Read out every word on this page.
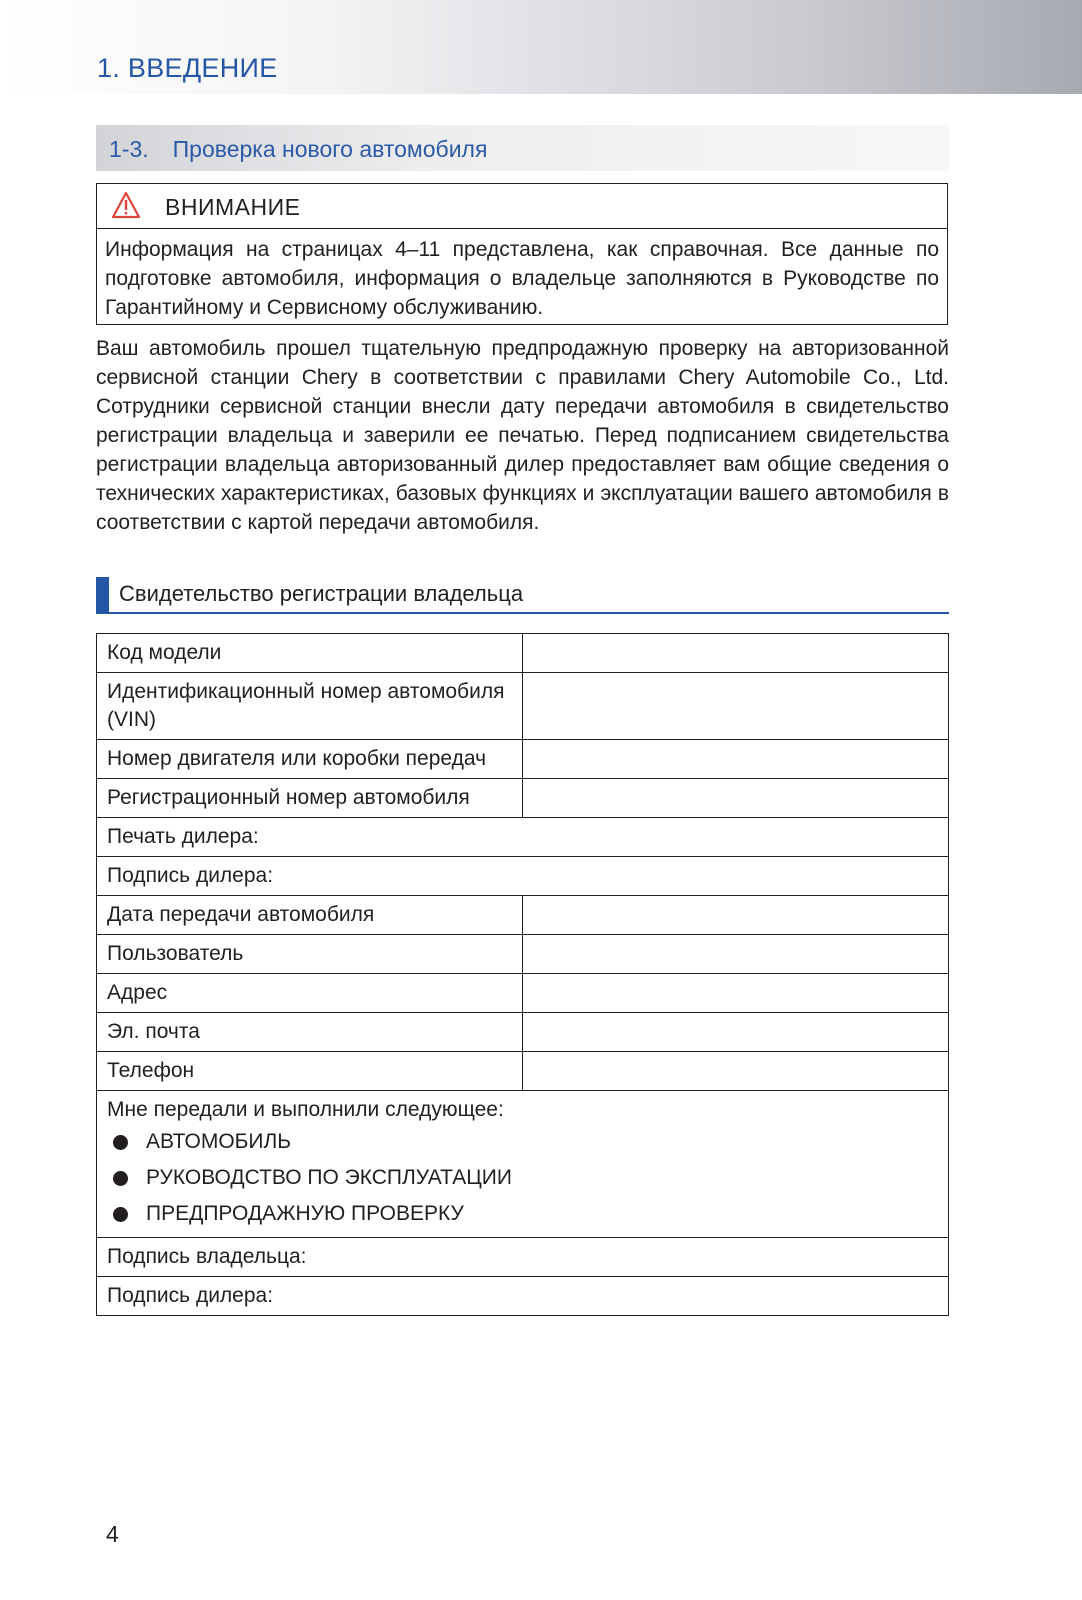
1. ВВЕДЕНИЕ
1-3. Проверка нового автомобиля
ВНИМАНИЕ
Информация на страницах 4–11 представлена, как справочная. Все данные по подготовке автомобиля, информация о владельце заполняются в Руководстве по Гарантийному и Сервисному обслуживанию.

Ваш автомобиль прошел тщательную предпродажную проверку на авторизованной сервисной станции Chery в соответствии с правилами Chery Automobile Co., Ltd. Сотрудники сервисной станции внесли дату передачи автомобиля в свидетельство регистрации владельца и заверили ее печатью. Перед подписанием свидетельства регистрации владельца авторизованный дилер предоставляет вам общие сведения о технических характеристиках, базовых функциях и эксплуатации вашего автомобиля в соответствии с картой передачи автомобиля.

Свидетельство регистрации владельца
Код модели	
Идентификационный номер автомобиля (VIN)	
Номер двигателя или коробки передач	
Регистрационный номер автомобиля	
Печать дилера:	
Подпись дилера:	
Дата передачи автомобиля	
Пользователь	
Адрес	
Эл. почта	
Телефон	

Мне передали и выполнили следующее:
АВТОМОБИЛЬ
РУКОВОДСТВО ПО ЭКСПЛУАТАЦИИ
ПРЕДПРОДАЖНУЮ ПРОВЕРКУ	

Подпись владельца:	
Подпись дилера:	
4
